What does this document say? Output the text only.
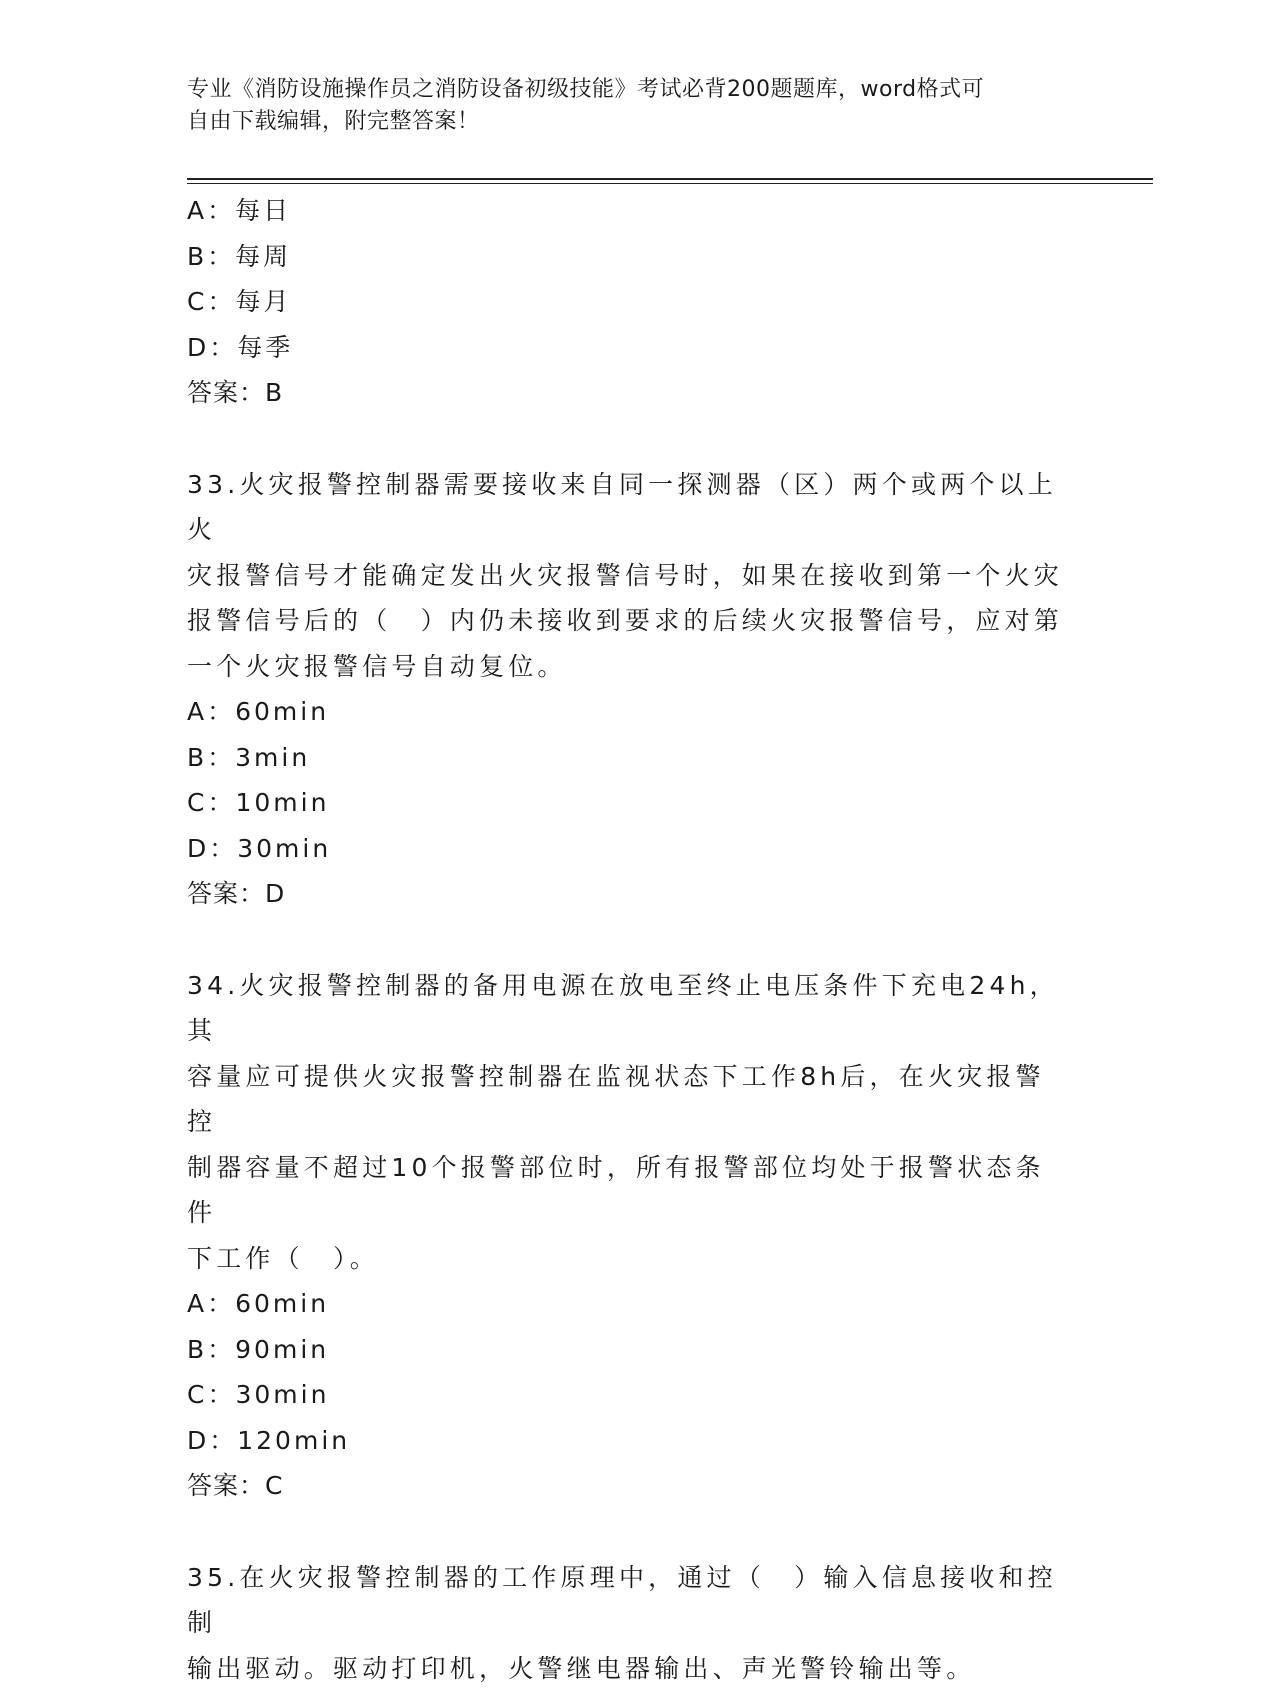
专业《消防设施操作员之消防设备初级技能》考试必背200题题库，word格式可
自由下载编辑，附完整答案！
A：每日
B：每周
C：每月
D：每季
答案：B
33.火灾报警控制器需要接收来自同一探测器（区）两个或两个以上火
灾报警信号才能确定发出火灾报警信号时，如果在接收到第一个火灾
报警信号后的（　）内仍未接收到要求的后续火灾报警信号，应对第
一个火灾报警信号自动复位。
A：60min
B：3min
C：10min
D：30min
答案：D
34.火灾报警控制器的备用电源在放电至终止电压条件下充电24h，其
容量应可提供火灾报警控制器在监视状态下工作8h后，在火灾报警控
制器容量不超过10个报警部位时，所有报警部位均处于报警状态条件
下工作（　）。
A：60min
B：90min
C：30min
D：120min
答案：C
35.在火灾报警控制器的工作原理中，通过（　）输入信息接收和控制
输出驱动。驱动打印机，火警继电器输出、声光警铃输出等。
